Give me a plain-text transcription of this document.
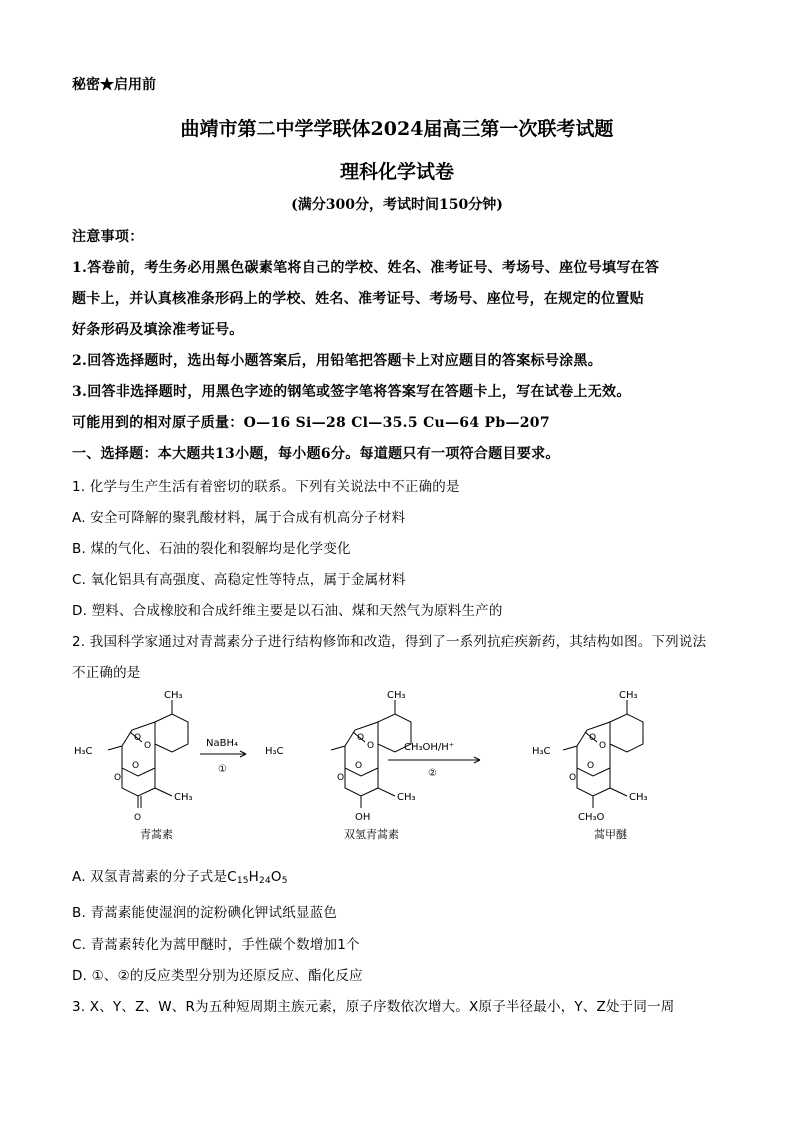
秘密★启用前
曲靖市第二中学学联体2024届高三第一次联考试题
理科化学试卷
(满分300分，考试时间150分钟)
注意事项：
1.答卷前，考生务必用黑色碳素笔将自己的学校、姓名、准考证号、考场号、座位号填写在答
题卡上，并认真核准条形码上的学校、姓名、准考证号、考场号、座位号，在规定的位置贴
好条形码及填涂准考证号。
2.回答选择题时，选出每小题答案后，用铅笔把答题卡上对应题目的答案标号涂黑。
3.回答非选择题时，用黑色字迹的钢笔或签字笔将答案写在答题卡上，写在试卷上无效。
可能用到的相对原子质量：O—16 Si—28 Cl—35.5 Cu—64 Pb—207
一、选择题：本大题共13小题，每小题6分。每道题只有一项符合题目要求。
1. 化学与生产生活有着密切的联系。下列有关说法中不正确的是
A. 安全可降解的聚乳酸材料，属于合成有机高分子材料
B. 煤的气化、石油的裂化和裂解均是化学变化
C. 氧化铝具有高强度、高稳定性等特点，属于金属材料
D. 塑料、合成橡胶和合成纤维主要是以石油、煤和天然气为原料生产的
2. 我国科学家通过对青蒿素分子进行结构修饰和改造，得到了一系列抗疟疾新药，其结构如图。下列说法
不正确的是
CH₃
H₃C
O
O
O
O
O
CH₃
青蒿素
NaBH₄
①
CH₃
H₃C
O
O
O
O
OH
CH₃
双氢青蒿素
CH₃OH/H⁺
②
CH₃
H₃C
O
O
O
O
CH₃O
CH₃
蒿甲醚
A. 双氢青蒿素的分子式是$C_{15}H_{24}O_5$
B. 青蒿素能使湿润的淀粉碘化钾试纸显蓝色
C. 青蒿素转化为蒿甲醚时，手性碳个数增加1个
D. ①、②的反应类型分别为还原反应、酯化反应
3. X、Y、Z、W、R为五种短周期主族元素，原子序数依次增大。X原子半径最小，Y、Z处于同一周
